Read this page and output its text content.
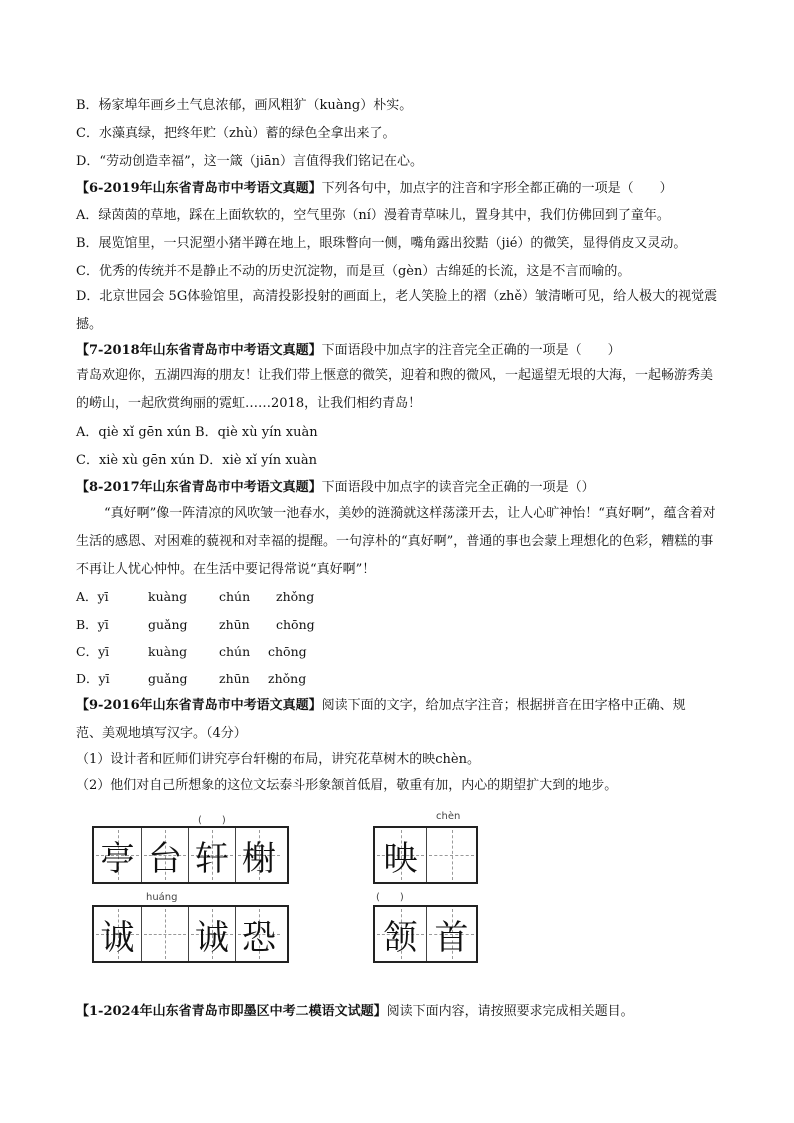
B．杨家埠年画乡土气息浓郁，画风粗犷（kuàng）朴实。
C．水藻真绿，把终年贮（zhù）蓄的绿色全拿出来了。
D．“劳动创造幸福”，这一箴（jiān）言值得我们铭记在心。
【6-2019年山东省青岛市中考语文真题】下列各句中，加点字的注音和字形全都正确的一项是（　　）
A．绿茵茵的草地，踩在上面软软的，空气里弥（ní）漫着青草味儿，置身其中，我们仿佛回到了童年。
B．展览馆里，一只泥塑小猪半蹲在地上，眼珠瞥向一侧，嘴角露出狡黠（jié）的微笑，显得俏皮又灵动。
C．优秀的传统并不是静止不动的历史沉淀物，而是亘（gèn）古绵延的长流，这是不言而喻的。
D．北京世园会 5G体验馆里，高清投影投射的画面上，老人笑脸上的褶（zhě）皱清晰可见，给人极大的视觉震撼。
【7-2018年山东省青岛市中考语文真题】下面语段中加点字的注音完全正确的一项是（　　）
青岛欢迎你，五湖四海的朋友！让我们带上惬意的微笑，迎着和煦的微风，一起遥望无垠的大海，一起畅游秀美的崂山，一起欣赏绚丽的霓虹……2018，让我们相约青岛！
A．qiè xǐ gēn xún B．qiè xù yín xuàn
C．xiè xù gēn xún D．xiè xǐ yín xuàn
【8-2017年山东省青岛市中考语文真题】下面语段中加点字的读音完全正确的一项是（）
“真好啊”像一阵清凉的风吹皱一池春水，美妙的涟漪就这样荡漾开去，让人心旷神怡！“真好啊”，蕴含着对生活的感恩、对困难的藐视和对幸福的提醒。一句淳朴的“真好啊”，普通的事也会蒙上理想化的色彩，糟糕的事不再让人忧心忡忡。在生活中要记得常说“真好啊”！
A．yī	kuàng	chún zhǒng
B．yī	guǎng	zhūn chōng
C．yī	kuàng	chún chōng
D．yī	guǎng	zhūn zhǒng
【9-2016年山东省青岛市中考语文真题】阅读下面的文字，给加点字注音；根据拼音在田字格中正确、规
范、美观地填写汉字。（4分）
（1）设计者和匠师们讲究亭台轩榭的布局，讲究花草树木的映chèn。
（2）他们对自己所想象的这位文坛泰斗形象颔首低眉，敬重有加，内心的期望扩大到的地步。
(　　)
亭 台 轩 榭
chèn
映
huáng
诚 诚 恐
(　　)
颔 首
【1-2024年山东省青岛市即墨区中考二模语文试题】阅读下面内容，请按照要求完成相关题目。
